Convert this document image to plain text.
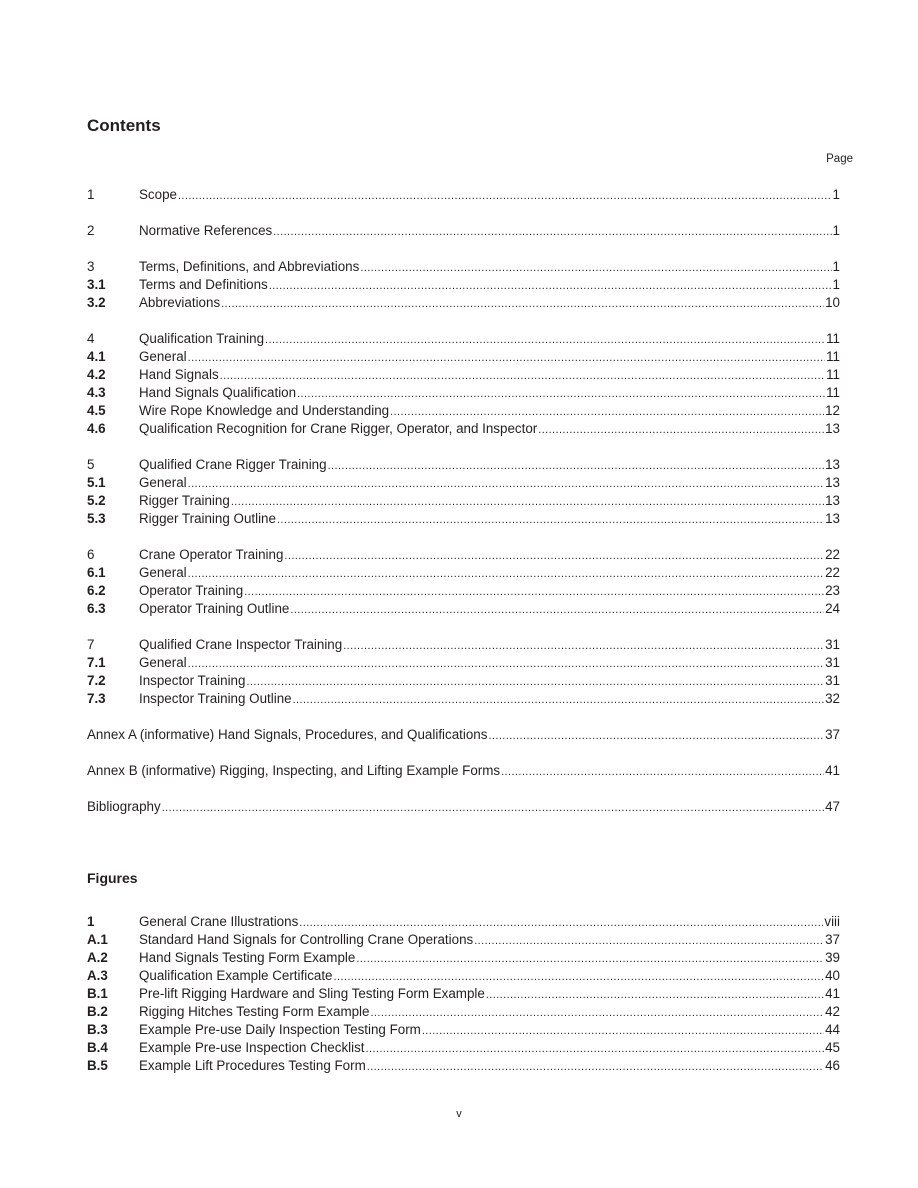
Contents
Page
1	Scope .....	1
2	Normative References .....	1
3	Terms, Definitions, and Abbreviations .....	1
3.1	Terms and Definitions .....	1
3.2	Abbreviations .....	10
4	Qualification Training .....	11
4.1	General .....	11
4.2	Hand Signals .....	11
4.3	Hand Signals Qualification .....	11
4.5	Wire Rope Knowledge and Understanding .....	12
4.6	Qualification Recognition for Crane Rigger, Operator, and Inspector .....	13
5	Qualified Crane Rigger Training .....	13
5.1	General .....	13
5.2	Rigger Training .....	13
5.3	Rigger Training Outline .....	13
6	Crane Operator Training .....	22
6.1	General .....	22
6.2	Operator Training .....	23
6.3	Operator Training Outline .....	24
7	Qualified Crane Inspector Training .....	31
7.1	General .....	31
7.2	Inspector Training .....	31
7.3	Inspector Training Outline .....	32
Annex A (informative) Hand Signals, Procedures, and Qualifications .....	37
Annex B (informative) Rigging, Inspecting, and Lifting Example Forms .....	41
Bibliography .....	47
Figures
1	General Crane Illustrations .....	viii
A.1	Standard Hand Signals for Controlling Crane Operations .....	37
A.2	Hand Signals Testing Form Example .....	39
A.3	Qualification Example Certificate .....	40
B.1	Pre-lift Rigging Hardware and Sling Testing Form Example .....	41
B.2	Rigging Hitches Testing Form Example .....	42
B.3	Example Pre-use Daily Inspection Testing Form .....	44
B.4	Example Pre-use Inspection Checklist .....	45
B.5	Example Lift Procedures Testing Form .....	46
v
